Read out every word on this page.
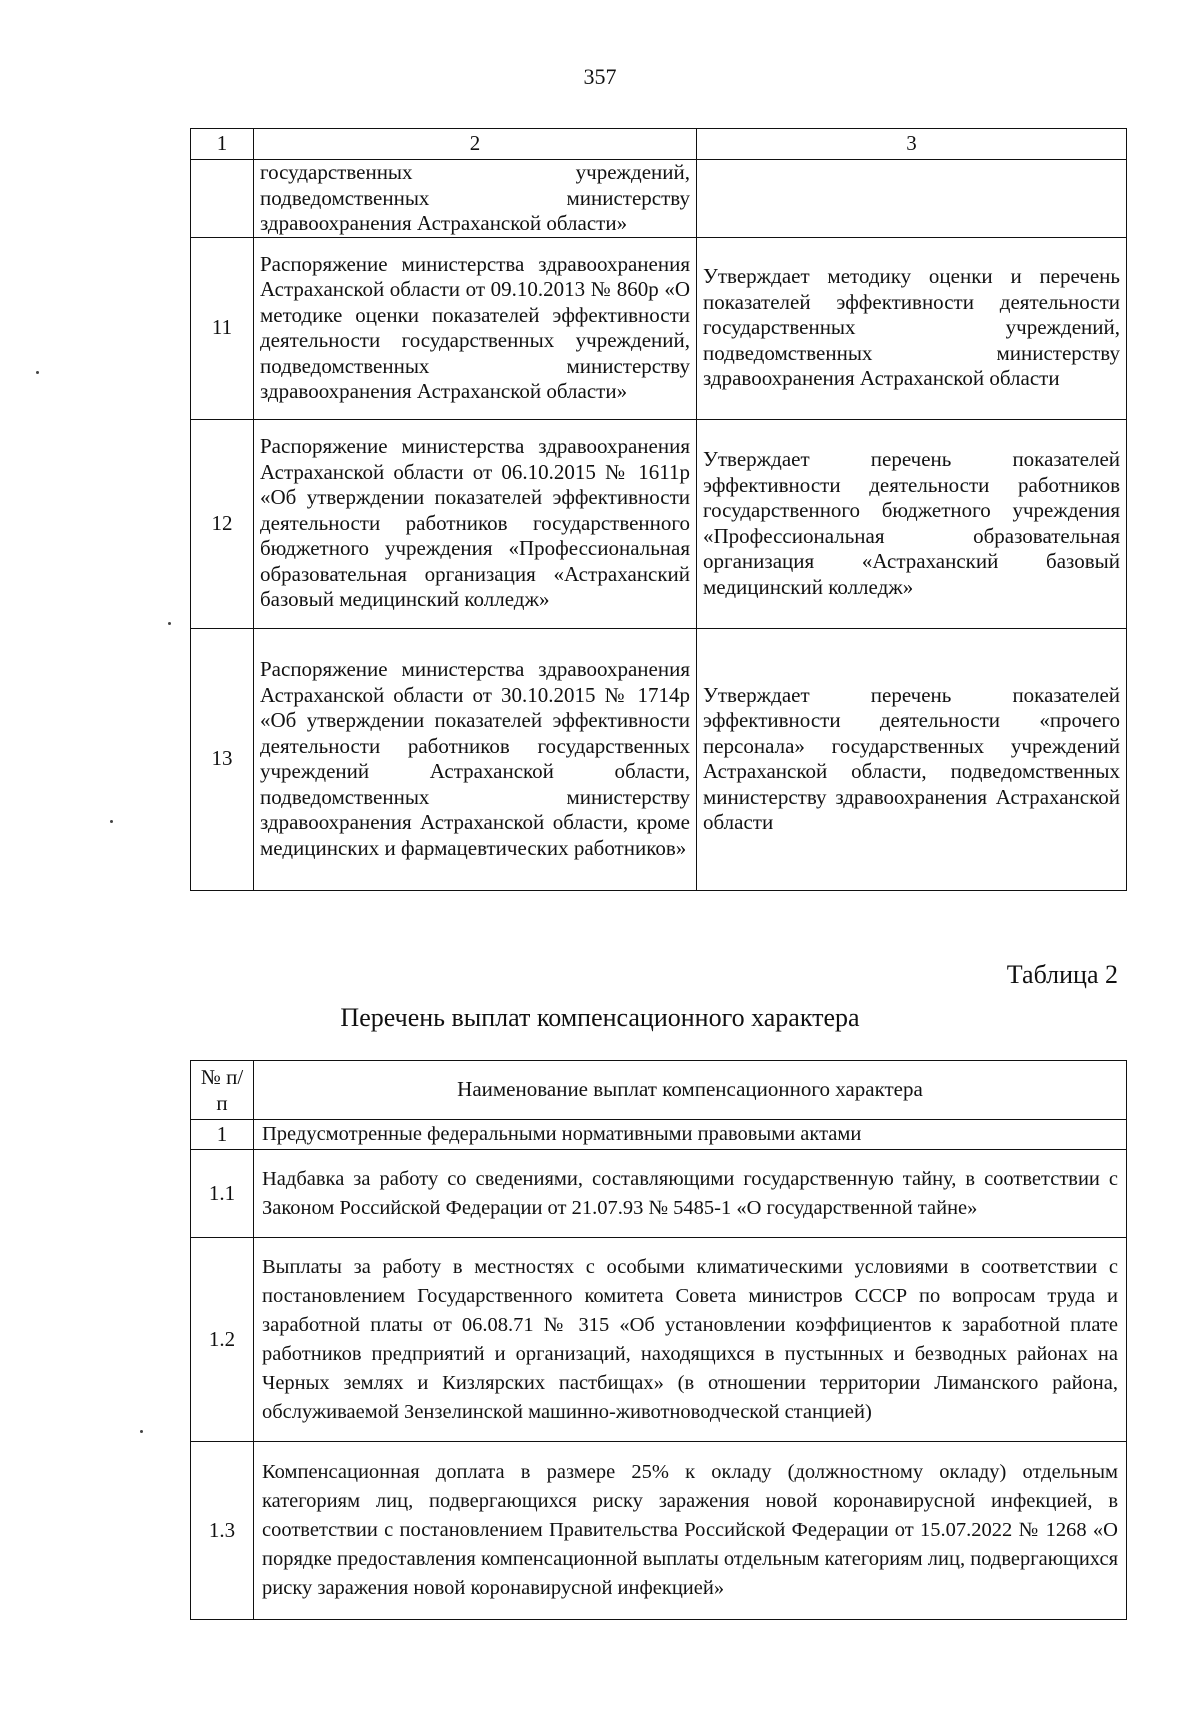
357
1	2	3
	государственных учреждений, подведомственных министерству здравоохранения Астраханской области»	
11	Распоряжение министерства здравоохранения Астраханской области от 09.10.2013 № 860р «О методике оценки показателей эффективности деятельности государственных учреждений, подведомственных министерству здравоохранения Астраханской области»	Утверждает методику оценки и перечень показателей эффективности деятельности государственных учреждений, подведомственных министерству здравоохранения Астраханской области
12	Распоряжение министерства здравоохранения Астраханской области от 06.10.2015 № 1611р «Об утверждении показателей эффективности деятельности работников государственного бюджетного учреждения «Профессиональная образовательная организация «Астраханский базовый медицинский колледж»	Утверждает перечень показателей эффективности деятельности работников государственного бюджетного учреждения «Профессиональная образовательная организация «Астраханский базовый медицинский колледж»
13	Распоряжение министерства здравоохранения Астраханской области от 30.10.2015 № 1714р «Об утверждении показателей эффективности деятельности работников государственных учреждений Астраханской области, подведомственных министерству здравоохранения Астраханской области, кроме медицинских и фармацевтических работников»	Утверждает перечень показателей эффективности деятельности «прочего персонала» государственных учреждений Астраханской области, подведомственных министерству здравоохранения Астраханской области
Таблица 2
Перечень выплат компенсационного характера
№ п/п	Наименование выплат компенсационного характера
1	Предусмотренные федеральными нормативными правовыми актами
1.1	Надбавка за работу со сведениями, составляющими государственную тайну, в соответствии с Законом Российской Федерации от 21.07.93 № 5485-1 «О государственной тайне»
1.2	Выплаты за работу в местностях с особыми климатическими условиями в соответствии с постановлением Государственного комитета Совета министров СССР по вопросам труда и заработной платы от 06.08.71 № 315 «Об установлении коэффициентов к заработной плате работников предприятий и организаций, находящихся в пустынных и безводных районах на Черных землях и Кизлярских пастбищах» (в отношении территории Лиманского района, обслуживаемой Зензелинской машинно-животноводческой станцией)
1.3	Компенсационная доплата в размере 25% к окладу (должностному окладу) отдельным категориям лиц, подвергающихся риску заражения новой коронавирусной инфекцией, в соответствии с постановлением Правительства Российской Федерации от 15.07.2022 № 1268 «О порядке предоставления компенсационной выплаты отдельным категориям лиц, подвергающихся риску заражения новой коронавирусной инфекцией»
